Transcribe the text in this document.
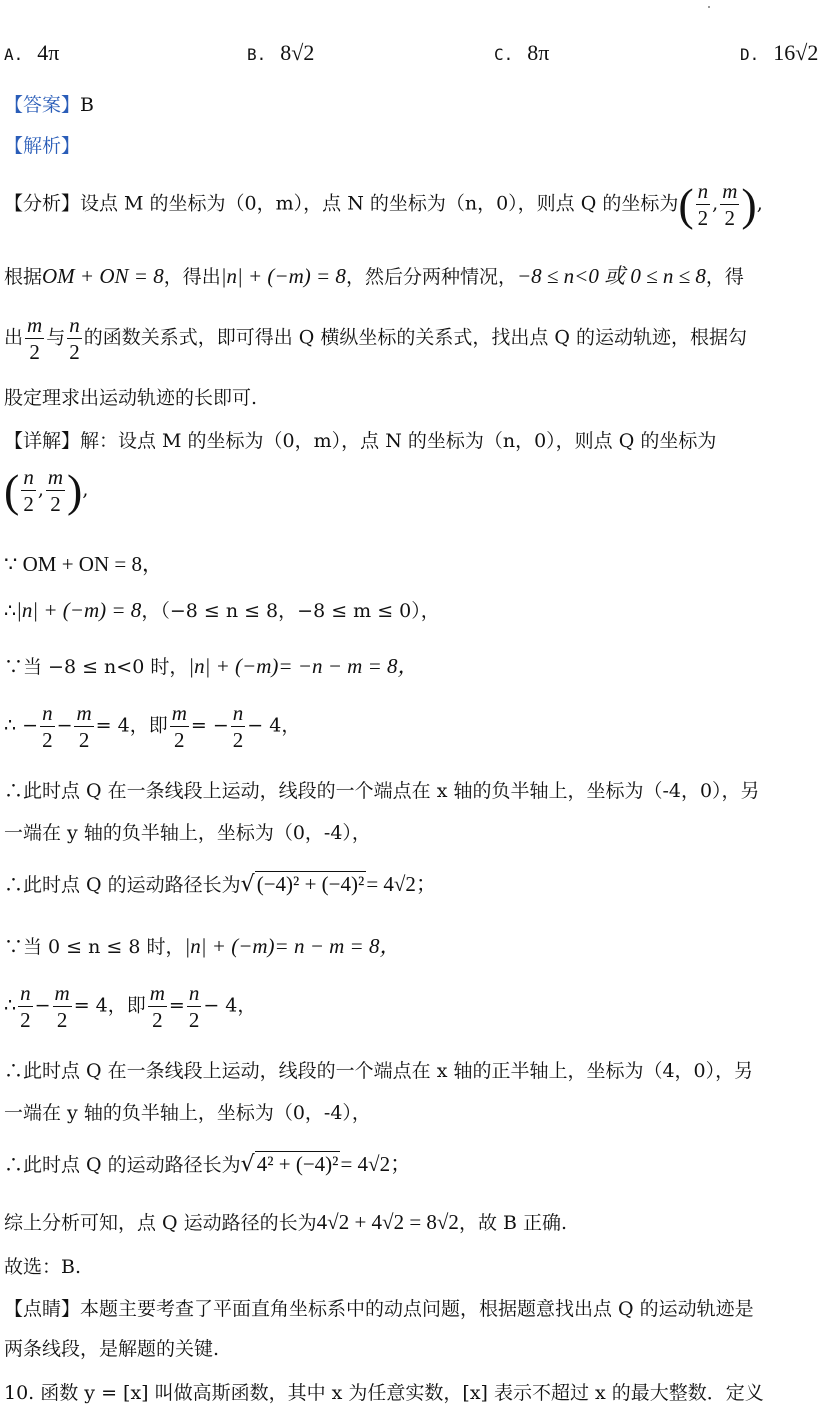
A. 4π	B. 8√2	C. 8π	D. 16√2
【答案】B
【解析】
【分析】设点 M 的坐标为（0，m），点 N 的坐标为（n，0），则点 Q 的坐标为( $\frac{n}{2}$ , $\frac{m}{2}$ ),
根据OM + ON = 8，得出|n| + (−m) = 8，然后分两种情况，−8 ≤ n<0 或 0 ≤ n ≤ 8，得
出 $\frac{m}{2}$ 与 $\frac{n}{2}$ 的函数关系式，即可得出 Q 横纵坐标的关系式，找出点 Q 的运动轨迹，根据勾
股定理求出运动轨迹的长即可.
【详解】解：设点 M 的坐标为（0，m），点 N 的坐标为（n，0），则点 Q 的坐标为
( $\frac{n}{2}$ , $\frac{m}{2}$ ),
∵ OM + ON = 8，
∴|n| + (−m) = 8，（−8 ≤ n ≤ 8，−8 ≤ m ≤ 0），
∵当 −8 ≤ n<0 时，|n| + (−m)= −n − m = 8，
∴ − $\frac{n}{2} - \frac{m}{2} = 4$，即 $\frac{m}{2}$ = − $\frac{n}{2} - 4$，
∴此时点 Q 在一条线段上运动，线段的一个端点在 x 轴的负半轴上，坐标为（-4，0），另
一端在 y 轴的负半轴上，坐标为（0，-4），
∴此时点 Q 的运动路径长为√(−4)² + (−4)²= 4√2；
∵当 0 ≤ n ≤ 8 时，|n| + (−m)= n − m = 8，
∴ $\frac{n}{2} - \frac{m}{2} = 4$，即 $\frac{m}{2} = \frac{n}{2} - 4$，
∴此时点 Q 在一条线段上运动，线段的一个端点在 x 轴的正半轴上，坐标为（4，0），另
一端在 y 轴的负半轴上，坐标为（0，-4），
∴此时点 Q 的运动路径长为√4² + (−4)²= 4√2；
综上分析可知，点 Q 运动路径的长为4√2 + 4√2 = 8√2，故 B 正确.
故选：B.
【点睛】本题主要考查了平面直角坐标系中的动点问题，根据题意找出点 Q 的运动轨迹是
两条线段，是解题的关键.
10. 函数 y = [x] 叫做高斯函数，其中 x 为任意实数，[x] 表示不超过 x 的最大整数．定义
